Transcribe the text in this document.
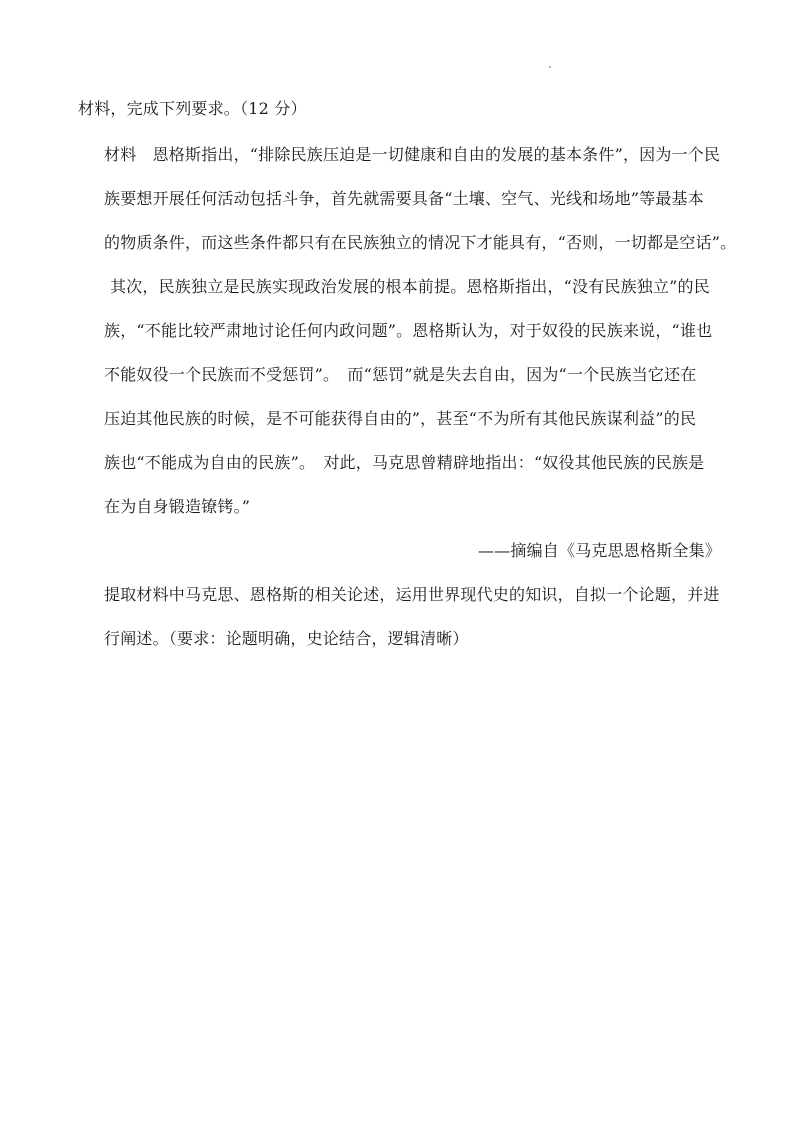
材料，完成下列要求。（12 分）
材料　恩格斯指出，“排除民族压迫是一切健康和自由的发展的基本条件”，因为一个民
族要想开展任何活动包括斗争，首先就需要具备“土壤、空气、光线和场地”等最基本
的物质条件，而这些条件都只有在民族独立的情况下才能具有，“否则，一切都是空话”。
其次，民族独立是民族实现政治发展的根本前提。恩格斯指出，“没有民族独立”的民
族，“不能比较严肃地讨论任何内政问题”。恩格斯认为，对于奴役的民族来说，“谁也
不能奴役一个民族而不受惩罚”。　而“惩罚”就是失去自由，因为“一个民族当它还在
压迫其他民族的时候，是不可能获得自由的”，甚至“不为所有其他民族谋利益”的民
族也“不能成为自由的民族”。　对此，马克思曾精辟地指出：“奴役其他民族的民族是
在为自身锻造镣铐。”
——摘编自《马克思恩格斯全集》
提取材料中马克思、恩格斯的相关论述，运用世界现代史的知识，自拟一个论题，并进
行阐述。（要求：论题明确，史论结合，逻辑清晰）
